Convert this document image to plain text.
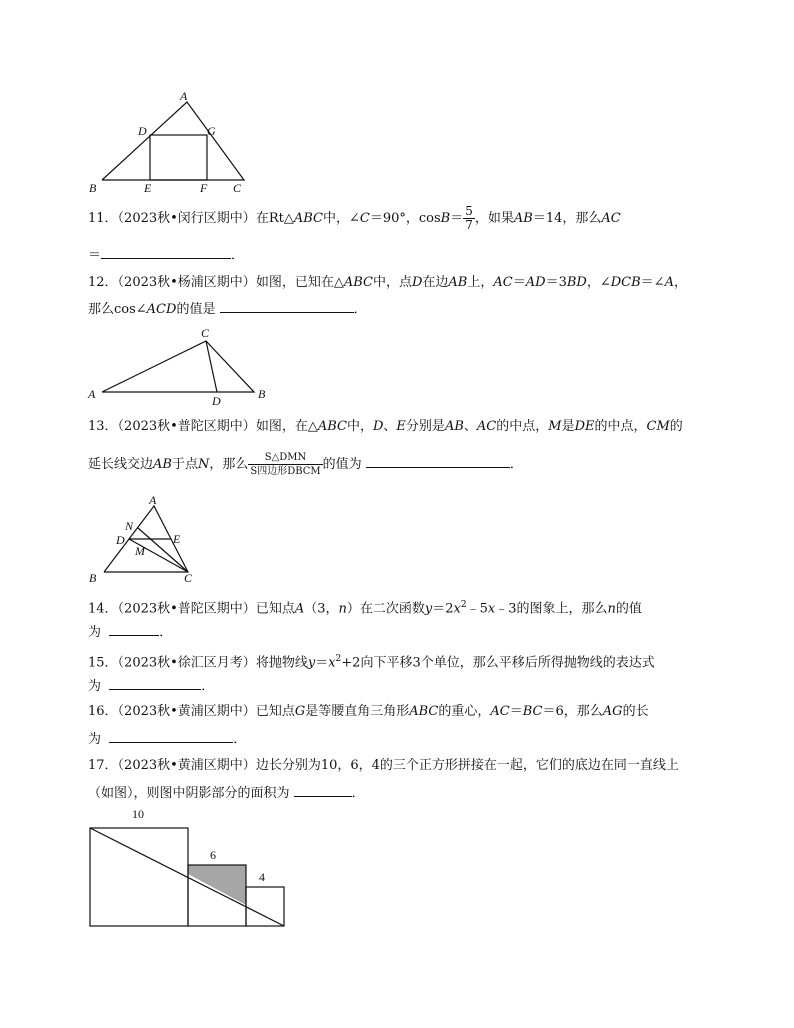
A
D	G
B	E	F C
11．（2023秋•闵行区期中）在Rt△ABC中，∠C＝90°，$\cos B= \frac{5}{7}$ ，如果AB＝14，那么AC
＝	．
12．（2023秋•杨浦区期中）如图，已知在△ABC中，点D在边AB上，AC＝AD＝3BD，∠DCB＝∠A，
那么cos∠ACD的值是	．
C
A	B
D
13．（2023秋•普陀区期中）如图，在△ABC中，D、E分别是AB、AC的中点，M是DE的中点，CM的
延长线交边AB于点N，那么 $\frac{\text{S△DMN}}{\text{S四边形DBCM}}$ 的值为	．
A
N
D	E
M
B	C
14．（2023秋•普陀区期中）已知点A（3，n）在二次函数$y=2x^2﹣5x﹣3$的图象上，那么n的值
为	．
15．（2023秋•徐汇区月考）将抛物线$y=x^2+2$向下平移3个单位，那么平移后所得抛物线的表达式
为	．
16．（2023秋•黄浦区期中）已知点G是等腰直角三角形ABC的重心，AC＝BC＝6，那么AG的长
为	．
17．（2023秋•黄浦区期中）边长分别为10，6，4的三个正方形拼接在一起，它们的底边在同一直线上
（如图），则图中阴影部分的面积为	．
10
6
4
